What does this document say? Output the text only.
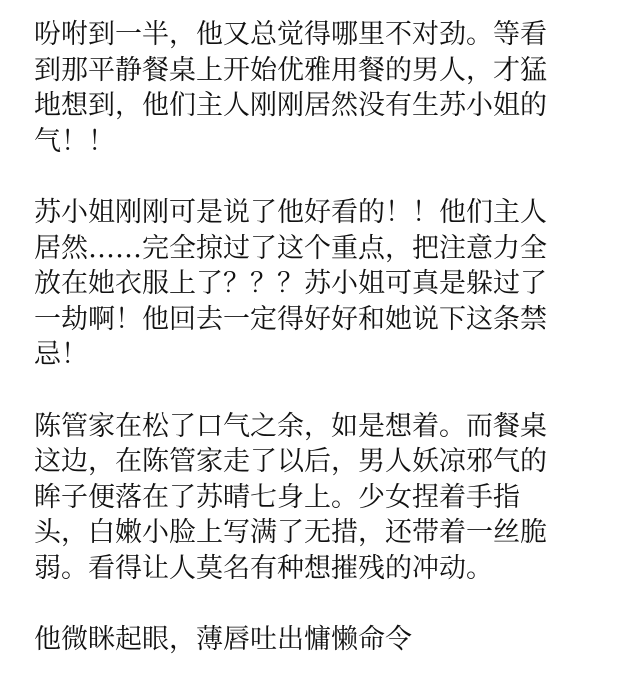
吩咐到一半，他又总觉得哪里不对劲。等看
到那平静餐桌上开始优雅用餐的男人，才猛
地想到，他们主人刚刚居然没有生苏小姐的
气！！

苏小姐刚刚可是说了他好看的！！他们主人
居然……完全掠过了这个重点，把注意力全
放在她衣服上了？？？苏小姐可真是躲过了
一劫啊！他回去一定得好好和她说下这条禁
忌！

陈管家在松了口气之余，如是想着。而餐桌
这边，在陈管家走了以后，男人妖凉邪气的
眸子便落在了苏晴七身上。少女捏着手指
头，白嫩小脸上写满了无措，还带着一丝脆
弱。看得让人莫名有种想摧残的冲动。

他微眯起眼，薄唇吐出慵懒命令
